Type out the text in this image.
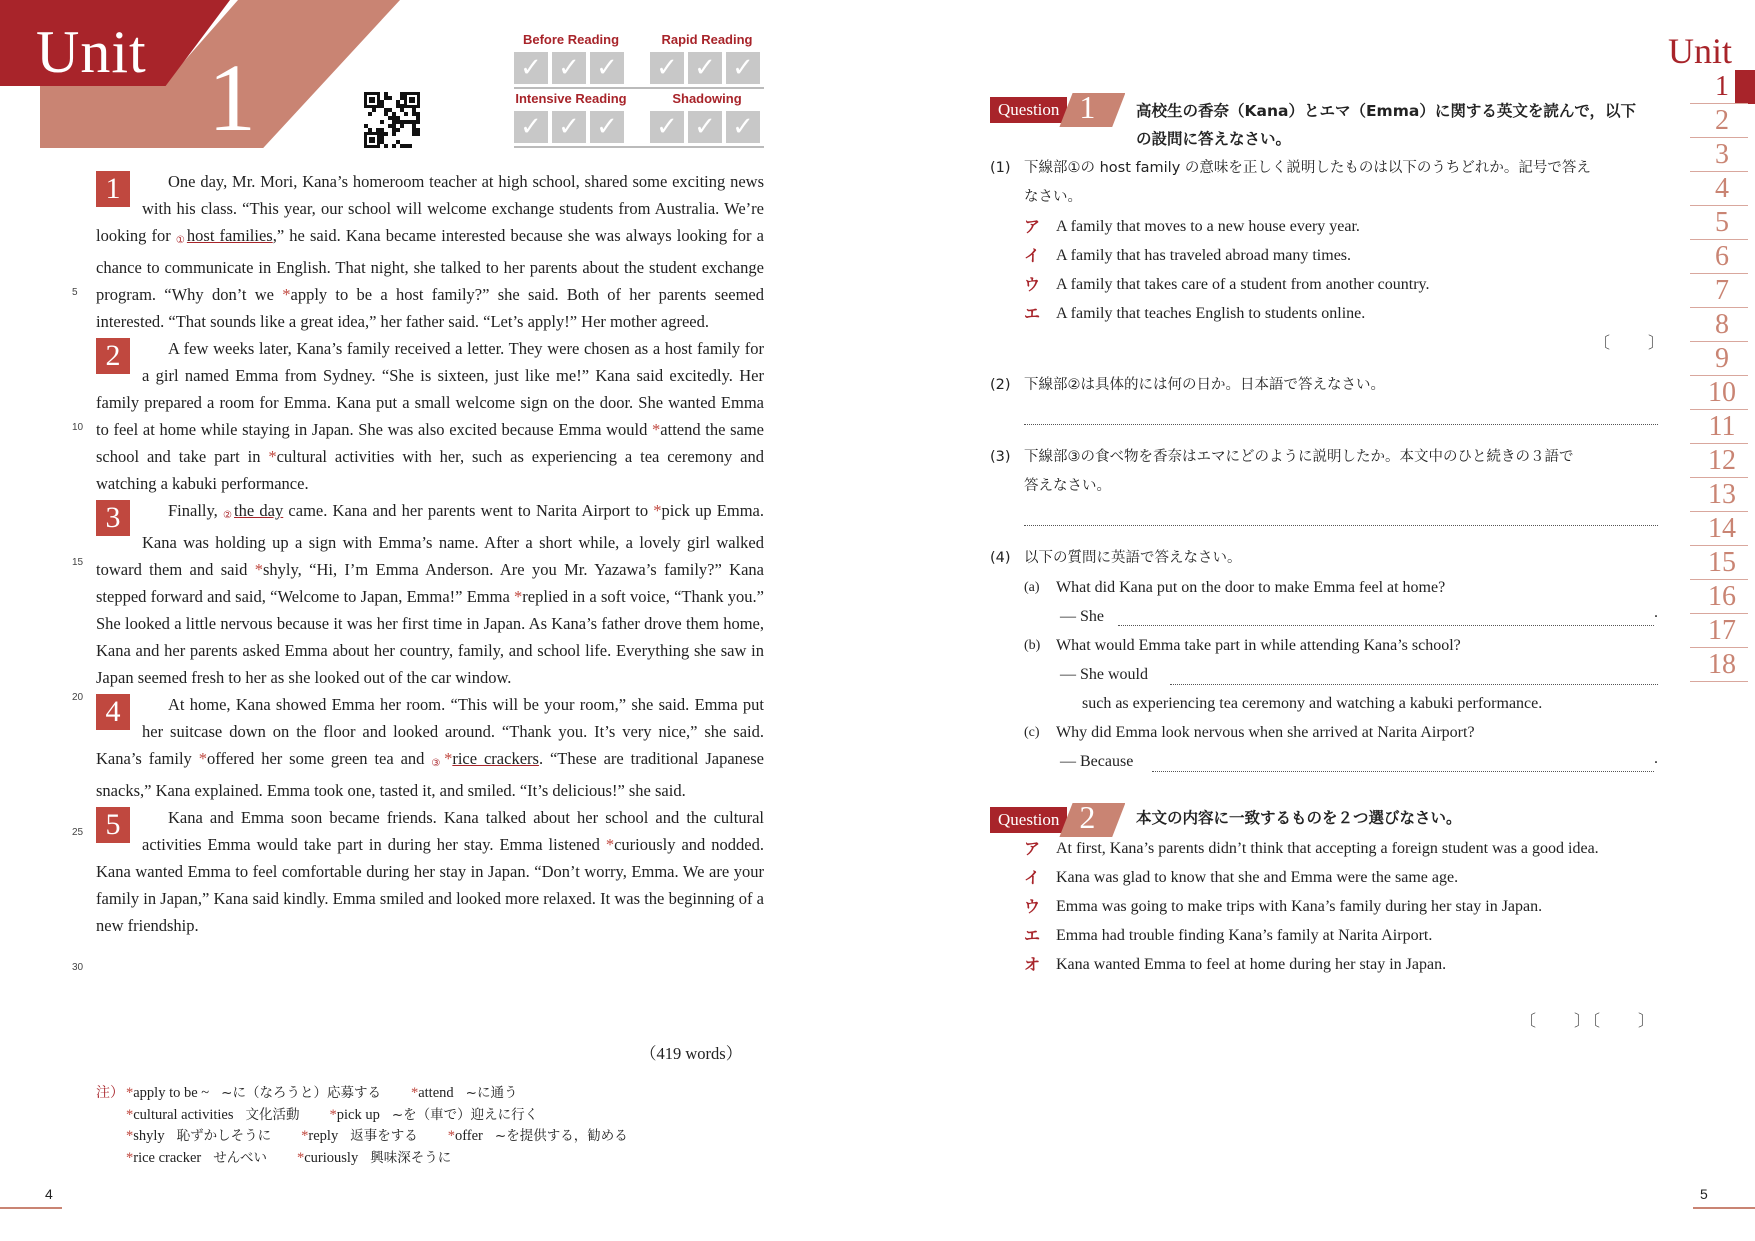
Unit 1
Before Reading	Rapid Reading
✓ ✓ ✓ ✓ ✓ ✓
Intensive Reading	Shadowing
✓ ✓ ✓ ✓ ✓ ✓
1	One day, Mr. Mori, Kana’s homeroom teacher at high school, shared some exciting news with his class. “This year, our school will welcome exchange students from Australia. We’re looking for ①host families,” he said. Kana became interested because she was always looking for a chance to communicate in English. That night, she talked to her parents about the student exchange program. “Why don’t we *apply to be a host family?” she said. Both of her parents seemed interested. “That sounds like a great idea,” her father said. “Let’s apply!” Her mother agreed.
2	A few weeks later, Kana’s family received a letter. They were chosen as a host family for a girl named Emma from Sydney. “She is sixteen, just like me!” Kana said excitedly. Her family prepared a room for Emma. Kana put a small welcome sign on the door. She wanted Emma to feel at home while staying in Japan. She was also excited because Emma would *attend the same school and take part in *cultural activities with her, such as experiencing a tea ceremony and watching a kabuki performance.
3	Finally, ②the day came. Kana and her parents went to Narita Airport to *pick up Emma. Kana was holding up a sign with Emma’s name. After a short while, a lovely girl walked toward them and said *shyly, “Hi, I’m Emma Anderson. Are you Mr. Yazawa’s family?” Kana stepped forward and said, “Welcome to Japan, Emma!” Emma *replied in a soft voice, “Thank you.” She looked a little nervous because it was her first time in Japan. As Kana’s father drove them home, Kana and her parents asked Emma about her country, family, and school life. Everything she saw in Japan seemed fresh to her as she looked out of the car window.
4	At home, Kana showed Emma her room. “This will be your room,” she said. Emma put her suitcase down on the floor and looked around. “Thank you. It’s very nice,” she said. Kana’s family *offered her some green tea and ③*rice crackers. “These are traditional Japanese snacks,” Kana explained. Emma took one, tasted it, and smiled. “It’s delicious!” she said.
5	Kana and Emma soon became friends. Kana talked about her school and the cultural activities Emma would take part in during her stay. Emma listened *curiously and nodded. Kana wanted Emma to feel comfortable during her stay in Japan. “Don’t worry, Emma. We are your family in Japan,” Kana said kindly. Emma smiled and looked more relaxed. It was the beginning of a new friendship.
5
10
15
20
25
30
（419 words）
注） *apply to be ~ ~に（なろうと）応募する *attend ~に通う
*cultural activities 文化活動 *pick up ~を（車で）迎えに行く
*shyly 恥ずかしそうに *reply 返事をする *offer ~を提供する，勧める
*rice cracker せんべい *curiously 興味深そうに
4
Question 1	高校生の香奈（Kana）とエマ（Emma）に関する英文を読んで，以下
の設問に答えなさい。
(1) 下線部①の host family の意味を正しく説明したものは以下のうちどれか。記号で答え
なさい。
ア A family that moves to a new house every year.
イ A family that has traveled abroad many times.
ウ A family that takes care of a student from another country.
エ A family that teaches English to students online.
〔　　〕
(2) 下線部②は具体的には何の日か。日本語で答えなさい。
(3) 下線部③の食べ物を香奈はエマにどのように説明したか。本文中のひと続きの３語で
答えなさい。
(4) 以下の質問に英語で答えなさい。
(a)	What did Kana put on the door to make Emma feel at home?
— She
(b) What would Emma take part in while attending Kana’s school?
— She would
such as experiencing tea ceremony and watching a kabuki performance.
(c)	Why did Emma look nervous when she arrived at Narita Airport?
— Because
.
.
Question 2	本文の内容に一致するものを２つ選びなさい。
ア At first, Kana’s parents didn’t think that accepting a foreign student was a good idea.
イ Kana was glad to know that she and Emma were the same age.
ウ Emma was going to make trips with Kana’s family during her stay in Japan.
エ Emma had trouble finding Kana’s family at Narita Airport.
オ Kana wanted Emma to feel at home during her stay in Japan.
〔　　〕〔　　〕
5
Unit
1
2
3
4
5
6
7
8
9
10
11
12
13
14
15
16
17
18
